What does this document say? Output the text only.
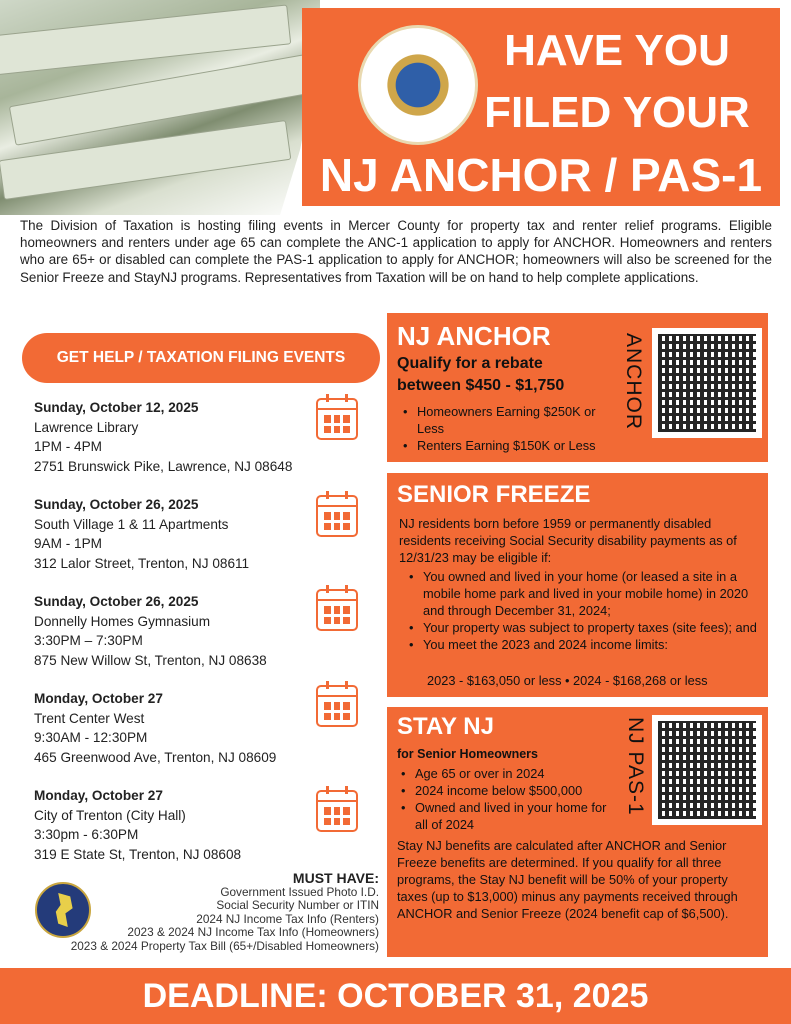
HAVE YOU
FILED YOUR
NJ ANCHOR / PAS-1

The Division of Taxation is hosting filing events in Mercer County for property tax and renter relief programs. Eligible homeowners and renters under age 65 can complete the ANC-1 application to apply for ANCHOR. Homeowners and renters who are 65+ or disabled can complete the PAS-1 application to apply for ANCHOR; homeowners will also be screened for the Senior Freeze and StayNJ programs. Representatives from Taxation will be on hand to help complete applications.

GET HELP / TAXATION FILING EVENTS
Sunday, October 12, 2025
Lawrence Library
1PM - 4PM
2751 Brunswick Pike, Lawrence, NJ 08648
Sunday, October 26, 2025
South Village 1 & 11 Apartments
9AM - 1PM
312 Lalor Street, Trenton, NJ 08611
Sunday, October 26, 2025
Donnelly Homes Gymnasium
3:30PM – 7:30PM
875 New Willow St, Trenton, NJ 08638
Monday, October 27
Trent Center West
9:30AM - 12:30PM
465 Greenwood Ave, Trenton, NJ 08609
Monday, October 27
City of Trenton (City Hall)
3:30pm - 6:30PM
319 E State St, Trenton, NJ 08608
MUST HAVE:
Government Issued Photo I.D.
Social Security Number or ITIN
2024 NJ Income Tax Info (Renters)
2023 & 2024 NJ Income Tax Info (Homeowners)
2023 & 2024 Property Tax Bill (65+/Disabled Homeowners)
NJ ANCHOR
Qualify for a rebate
between $450 - $1,750
• Homeowners Earning $250K or Less
• Renters Earning $150K or Less
ANCHOR
SENIOR FREEZE

NJ residents born before 1959 or permanently disabled residents receiving Social Security disability payments as of 12/31/23 may be eligible if:

• You owned and lived in your home (or leased a site in a mobile home park and lived in your mobile home) in 2020 and through December 31, 2024;
• Your property was subject to property taxes (site fees); and
• You meet the 2023 and 2024 income limits:
2023 - $163,050 or less • 2024 - $168,268 or less
STAY NJ
for Senior Homeowners
• Age 65 or over in 2024
• 2024 income below $500,000
• Owned and lived in your home for all of 2024

Stay NJ benefits are calculated after ANCHOR and Senior Freeze benefits are determined. If you qualify for all three programs, the Stay NJ benefit will be 50% of your property taxes (up to $13,000) minus any payments received through ANCHOR and Senior Freeze (2024 benefit cap of $6,500).

NJ PAS-1
DEADLINE: OCTOBER 31, 2025
